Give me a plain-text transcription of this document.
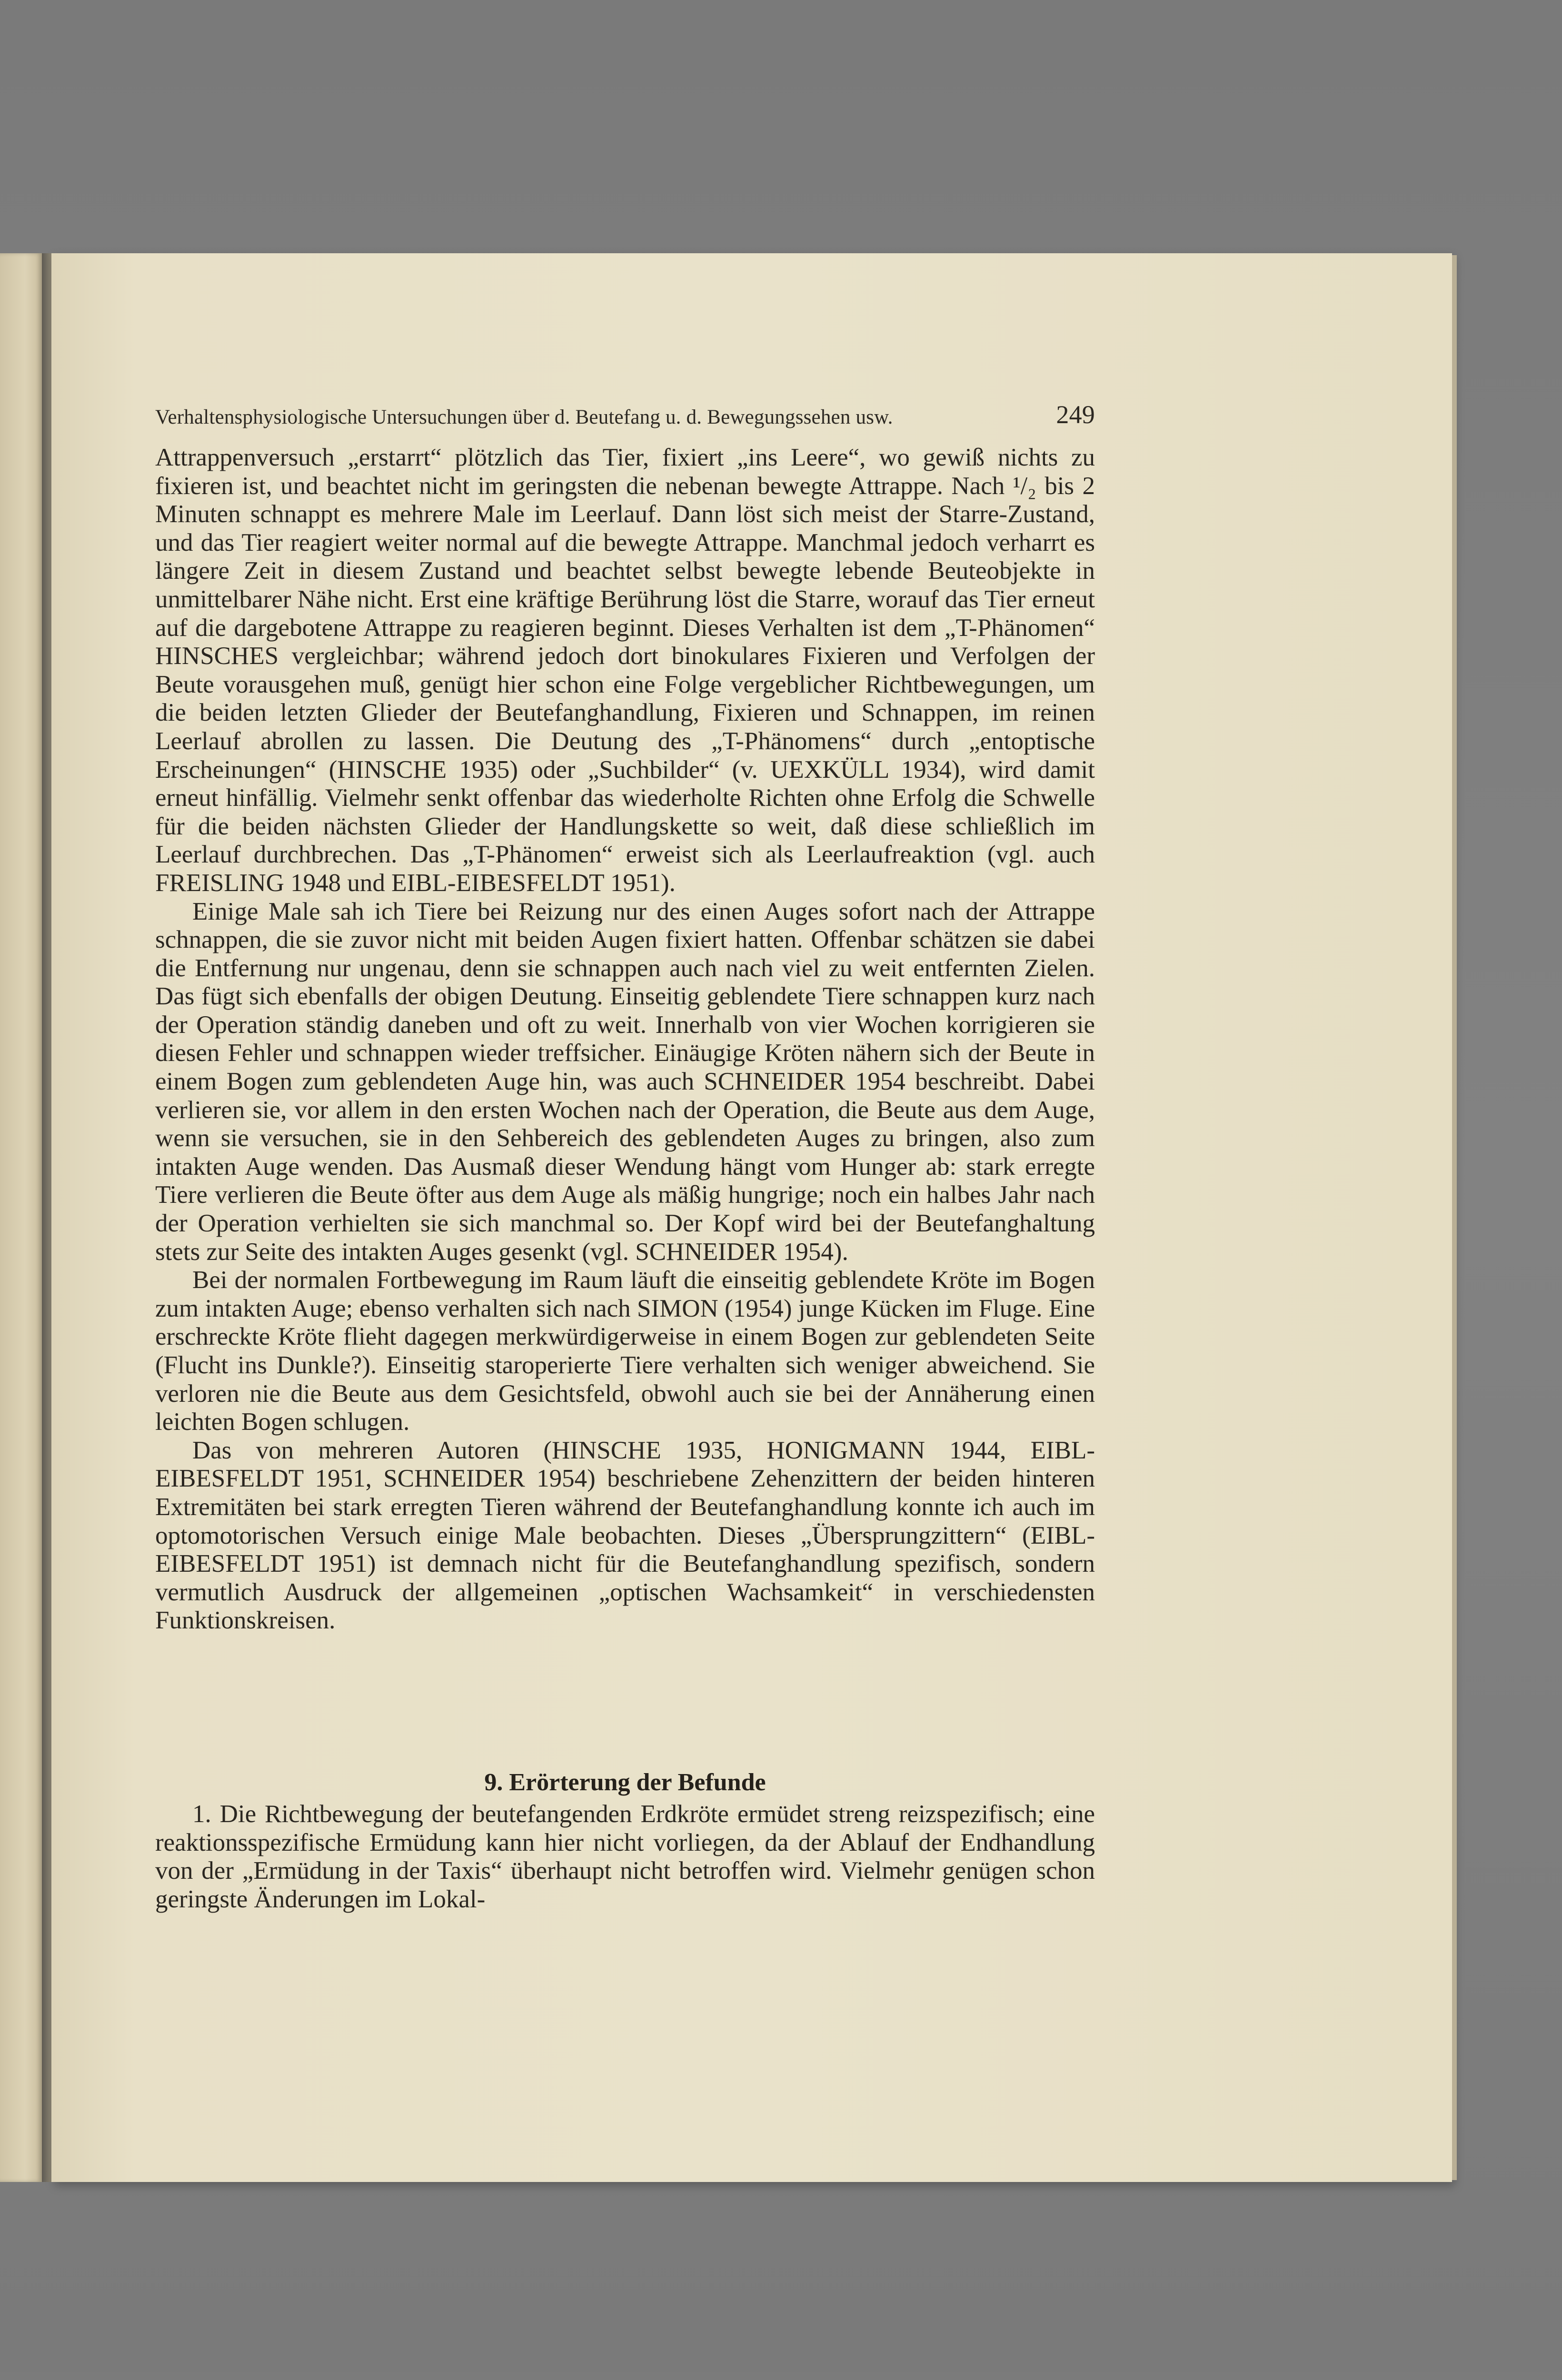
Verhaltensphysiologische Untersuchungen über d. Beutefang u. d. Bewegungssehen usw.	249

Attrappenversuch „erstarrt“ plötzlich das Tier, fixiert „ins Leere“, wo gewiß nichts zu fixieren ist, und beachtet nicht im geringsten die nebenan bewegte Attrappe. Nach ¹/₂ bis 2 Minuten schnappt es mehrere Male im Leerlauf. Dann löst sich meist der Starre-Zustand, und das Tier reagiert weiter normal auf die bewegte Attrappe. Manchmal jedoch verharrt es längere Zeit in diesem Zustand und beachtet selbst bewegte lebende Beuteobjekte in unmittelbarer Nähe nicht. Erst eine kräftige Berührung löst die Starre, worauf das Tier erneut auf die dargebotene Attrappe zu reagieren beginnt. Dieses Verhalten ist dem „T-Phänomen“ HINSCHES vergleichbar; während jedoch dort binokulares Fixieren und Verfolgen der Beute vorausgehen muß, genügt hier schon eine Folge vergeblicher Richtbewegungen, um die beiden letzten Glieder der Beutefanghandlung, Fixieren und Schnappen, im reinen Leerlauf abrollen zu lassen. Die Deutung des „T-Phänomens“ durch „entoptische Erscheinungen“ (HINSCHE 1935) oder „Suchbilder“ (v. UEXKÜLL 1934), wird damit erneut hinfällig. Vielmehr senkt offenbar das wiederholte Richten ohne Erfolg die Schwelle für die beiden nächsten Glieder der Handlungskette so weit, daß diese schließlich im Leerlauf durchbrechen. Das „T-Phänomen“ erweist sich als Leerlaufreaktion (vgl. auch FREISLING 1948 und EIBL-EIBESFELDT 1951).

Einige Male sah ich Tiere bei Reizung nur des einen Auges sofort nach der Attrappe schnappen, die sie zuvor nicht mit beiden Augen fixiert hatten. Offenbar schätzen sie dabei die Entfernung nur ungenau, denn sie schnappen auch nach viel zu weit entfernten Zielen. Das fügt sich ebenfalls der obigen Deutung. Einseitig geblendete Tiere schnappen kurz nach der Operation ständig daneben und oft zu weit. Innerhalb von vier Wochen korrigieren sie diesen Fehler und schnappen wieder treffsicher. Einäugige Kröten nähern sich der Beute in einem Bogen zum geblendeten Auge hin, was auch SCHNEIDER 1954 beschreibt. Dabei verlieren sie, vor allem in den ersten Wochen nach der Operation, die Beute aus dem Auge, wenn sie versuchen, sie in den Sehbereich des geblendeten Auges zu bringen, also zum intakten Auge wenden. Das Ausmaß dieser Wendung hängt vom Hunger ab: stark erregte Tiere verlieren die Beute öfter aus dem Auge als mäßig hungrige; noch ein halbes Jahr nach der Operation verhielten sie sich manchmal so. Der Kopf wird bei der Beutefanghaltung stets zur Seite des intakten Auges gesenkt (vgl. SCHNEIDER 1954).

Bei der normalen Fortbewegung im Raum läuft die einseitig geblendete Kröte im Bogen zum intakten Auge; ebenso verhalten sich nach SIMON (1954) junge Kücken im Fluge. Eine erschreckte Kröte flieht dagegen merkwürdigerweise in einem Bogen zur geblendeten Seite (Flucht ins Dunkle?). Einseitig staroperierte Tiere verhalten sich weniger abweichend. Sie verloren nie die Beute aus dem Gesichtsfeld, obwohl auch sie bei der Annäherung einen leichten Bogen schlugen.

Das von mehreren Autoren (HINSCHE 1935, HONIGMANN 1944, EIBL-EIBESFELDT 1951, SCHNEIDER 1954) beschriebene Zehenzittern der beiden hinteren Extremitäten bei stark erregten Tieren während der Beutefanghandlung konnte ich auch im optomotorischen Versuch einige Male beobachten. Dieses „Übersprungzittern“ (EIBL-EIBESFELDT 1951) ist demnach nicht für die Beutefanghandlung spezifisch, sondern vermutlich Ausdruck der allgemeinen „optischen Wachsamkeit“ in verschiedensten Funktionskreisen.

9. Erörterung der Befunde

1. Die Richtbewegung der beutefangenden Erdkröte ermüdet streng reizspezifisch; eine reaktionsspezifische Ermüdung kann hier nicht vorliegen, da der Ablauf der Endhandlung von der „Ermüdung in der Taxis“ überhaupt nicht betroffen wird. Vielmehr genügen schon geringste Änderungen im Lokal-
